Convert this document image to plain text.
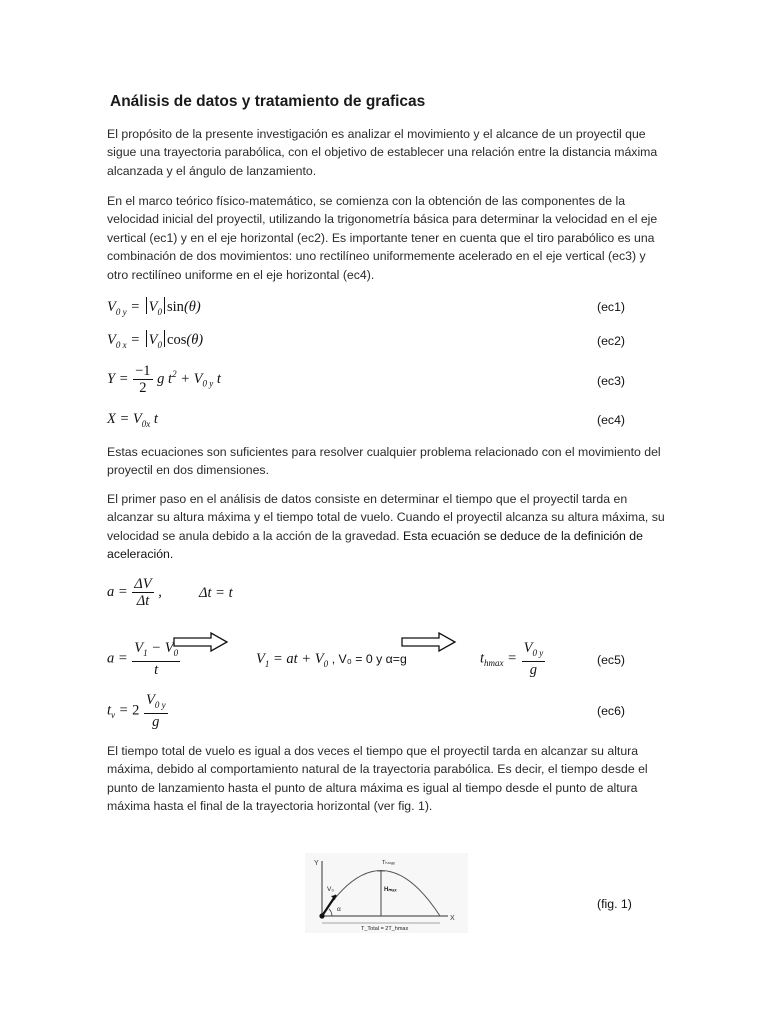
Análisis de datos y tratamiento de graficas
El propósito de la presente investigación es analizar el movimiento y el alcance de un proyectil que sigue una trayectoria parabólica, con el objetivo de establecer una relación entre la distancia máxima alcanzada y el ángulo de lanzamiento.
En el marco teórico físico-matemático, se comienza con la obtención de las componentes de la velocidad inicial del proyectil, utilizando la trigonometría básica para determinar la velocidad en el eje vertical (ec1) y en el eje horizontal (ec2). Es importante tener en cuenta que el tiro parabólico es una combinación de dos movimientos: uno rectilíneo uniformemente acelerado en el eje vertical (ec3) y otro rectilíneo uniforme en el eje horizontal (ec4).
$V_{0 y} = V_0$ sin(θ)	(ec1)
$V_{0 x} = V_0$ cos(θ)	(ec2)
$Y = \frac{-1}{2}$ g $t^2 + V_{0 y}$ t	(ec3)
$X = V_{0x}$ t	(ec4)
Estas ecuaciones son suficientes para resolver cualquier problema relacionado con el movimiento del proyectil en dos dimensiones.
El primer paso en el análisis de datos consiste en determinar el tiempo que el proyectil tarda en alcanzar su altura máxima y el tiempo total de vuelo. Cuando el proyectil alcanza su altura máxima, su velocidad se anula debido a la acción de la gravedad. Esta ecuación se deduce de la definición de aceleración.
$a = \frac{\Delta V}{\Delta t}$ ,	Δt = t
$a = \frac{V_1 - V_0}{t}$	$V_1$ = at + $V_0$ , V₀ = 0 y α=g	$t_{hmax} = \frac{V_{0 y}}{g}$	(ec5)
$t_v = 2 \frac{V_{0 y}}{g}$	(ec6)
El tiempo total de vuelo es igual a dos veces el tiempo que el proyectil tarda en alcanzar su altura máxima, debido al comportamiento natural de la trayectoria parabólica. Es decir, el tiempo desde el punto de lanzamiento hasta el punto de altura máxima es igual al tiempo desde el punto de altura máxima hasta el final de la trayectoria horizontal (ver fig. 1).
Y
X
V₀
α
Tₕₘₐₓ
Hₘₐₓ
T_Total = 2T_hmax
(fig. 1)
